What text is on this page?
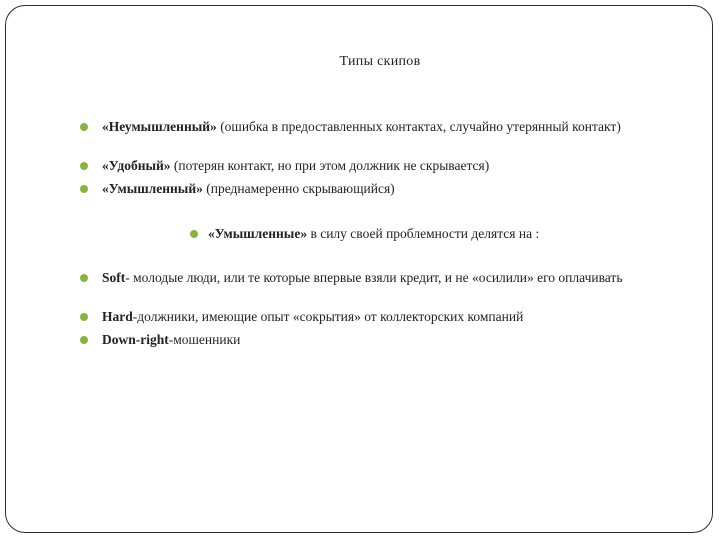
Типы скипов
«Неумышленный» (ошибка в предоставленных контактах, случайно утерянный контакт)
«Удобный» (потерян контакт, но при этом должник не скрывается)
«Умышленный» (преднамеренно скрывающийся)
«Умышленные» в силу своей проблемности делятся на :
Soft- молодые люди, или те которые впервые взяли кредит, и не «осилили» его оплачивать
Hard-должники, имеющие опыт «сокрытия» от коллекторских компаний
Down-right-мошенники
